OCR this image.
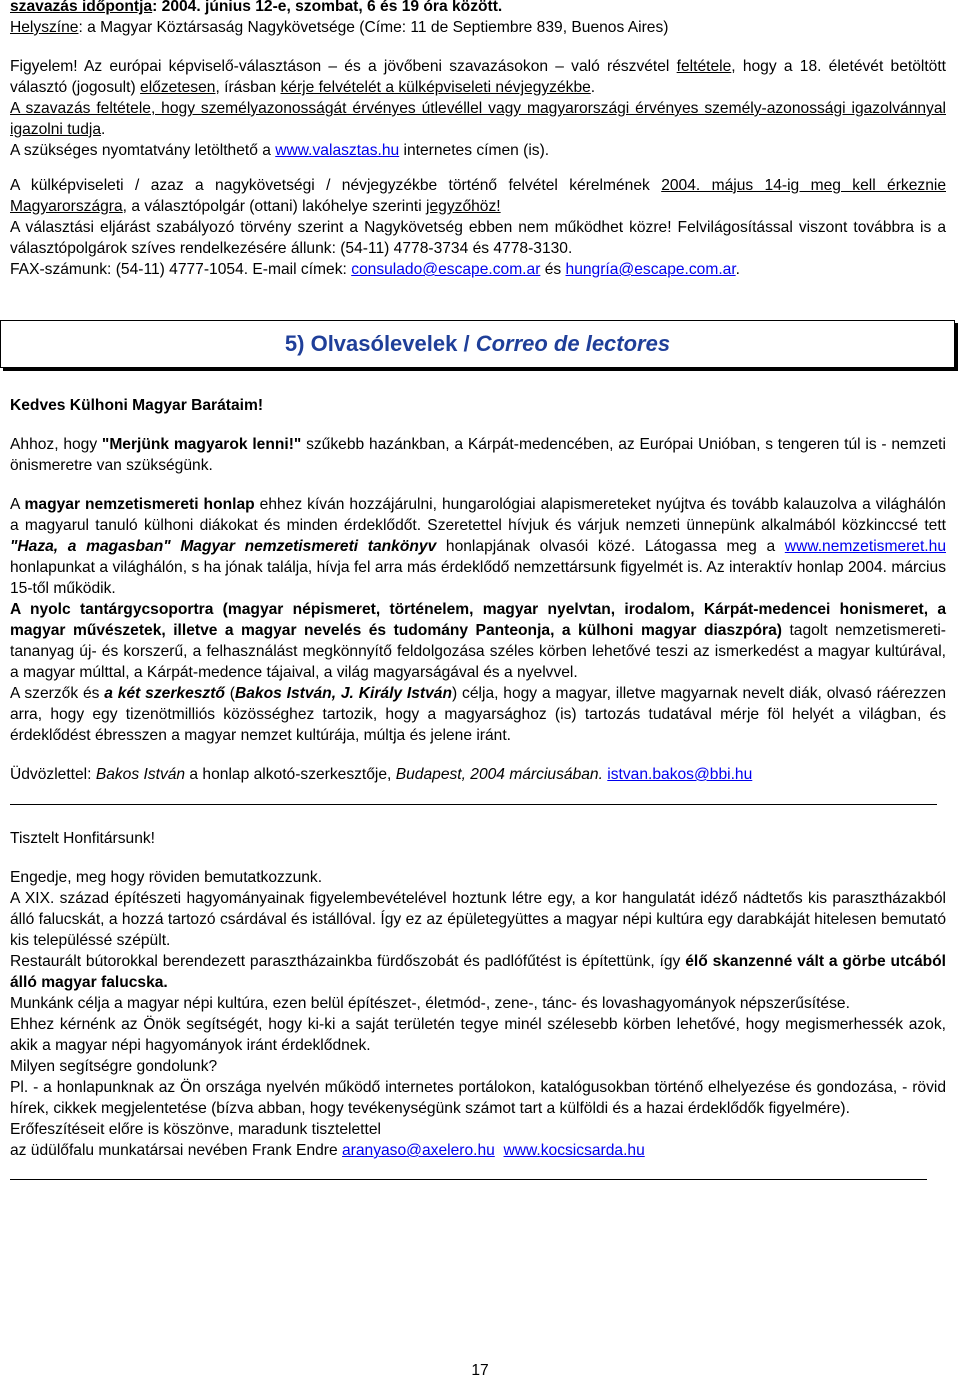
szavazás időpontja: 2004. június 12-e, szombat, 6 és 19 óra között.

Helyszíne: a Magyar Köztársaság Nagykövetsége (Címe: 11 de Septiembre 839, Buenos Aires)

Figyelem! Az európai képviselő-választáson – és a jövőbeni szavazásokon – való részvétel feltétele, hogy a 18. életévét betöltött választó (jogosult) előzetesen, írásban kérje felvételét a külképviseleti névjegyzékbe.

A szavazás feltétele, hogy személyazonosságát érvényes útlevéllel vagy magyarországi érvényes személy-azonossági igazolvánnyal igazolni tudja.

A szükséges nyomtatvány letölthető a www.valasztas.hu internetes címen (is).

A külképviseleti / azaz a nagykövetségi / névjegyzékbe történő felvétel kérelmének 2004. május 14-ig meg kell érkeznie Magyarországra, a választópolgár (ottani) lakóhelye szerinti jegyzőhöz!

A választási eljárást szabályozó törvény szerint a Nagykövetség ebben nem működhet közre! Felvilágosítással viszont továbbra is a választópolgárok szíves rendelkezésére állunk: (54-11) 4778-3734 és 4778-3130.

FAX-számunk: (54-11) 4777-1054. E-mail címek: consulado@escape.com.ar és hungría@escape.com.ar.

5) Olvasólevelek / Correo de lectores

Kedves Külhoni Magyar Barátaim!

Ahhoz, hogy "Merjünk magyarok lenni!" szűkebb hazánkban, a Kárpát-medencében, az Európai Unióban, s tengeren túl is - nemzeti önismeretre van szükségünk.

A magyar nemzetismereti honlap ehhez kíván hozzájárulni, hungarológiai alapismereteket nyújtva és tovább kalauzolva a világhálón a magyarul tanuló külhoni diákokat és minden érdeklődőt. Szeretettel hívjuk és várjuk nemzeti ünnepünk alkalmából közkinccsé tett "Haza, a magasban" Magyar nemzetismereti tankönyv honlapjának olvasói közé. Látogassa meg a www.nemzetismeret.hu honlapunkat a világhálón, s ha jónak találja, hívja fel arra más érdeklődő nemzettársunk figyelmét is. Az interaktív honlap 2004. március 15-től működik.

A nyolc tantárgycsoportra (magyar népismeret, történelem, magyar nyelvtan, irodalom, Kárpát-medencei honismeret, a magyar művészetek, illetve a magyar nevelés és tudomány Panteonja, a külhoni magyar diaszpóra) tagolt nemzetismereti-tananyag új- és korszerű, a felhasználást megkönnyítő feldolgozása széles körben lehetővé teszi az ismerkedést a magyar kultúrával, a magyar múlttal, a Kárpát-medence tájaival, a világ magyarságával és a nyelvvel.

A szerzők és a két szerkesztő (Bakos István, J. Király István) célja, hogy a magyar, illetve magyarnak nevelt diák, olvasó ráérezzen arra, hogy egy tizenötmilliós közösséghez tartozik, hogy a magyarsághoz (is) tartozás tudatával mérje föl helyét a világban, és érdeklődést ébresszen a magyar nemzet kultúrája, múltja és jelene iránt.

Üdvözlettel: Bakos István a honlap alkotó-szerkesztője, Budapest, 2004 márciusában. istvan.bakos@bbi.hu

Tisztelt Honfitársunk!

Engedje, meg hogy röviden bemutatkozzunk.

A XIX. század építészeti hagyományainak figyelembevételével hoztunk létre egy, a kor hangulatát idéző nádtetős kis parasztházakból álló falucskát, a hozzá tartozó csárdával és istállóval. Így ez az épületegyüttes a magyar népi kultúra egy darabkáját hitelesen bemutató kis településsé szépült.

Restaurált bútorokkal berendezett parasztházainkba fürdőszobát és padlófűtést is építettünk, így élő skanzenné vált a görbe utcából álló magyar falucska.

Munkánk célja a magyar népi kultúra, ezen belül építészet-, életmód-, zene-, tánc- és lovashagyományok népszerűsítése.

Ehhez kérnénk az Önök segítségét, hogy ki-ki a saját területén tegye minél szélesebb körben lehetővé, hogy megismerhessék azok, akik a magyar népi hagyományok iránt érdeklődnek.

Milyen segítségre gondolunk?

Pl. - a honlapunknak az Ön országa nyelvén működő internetes portálokon, katalógusokban történő elhelyezése és gondozása, - rövid hírek, cikkek megjelentetése (bízva abban, hogy tevékenységünk számot tart a külföldi és a hazai érdeklődők figyelmére).

Erőfeszítéseit előre is köszönve, maradunk tisztelettel

az üdülőfalu munkatársai nevében Frank Endre aranyaso@axelero.hu www.kocsicsarda.hu

17
